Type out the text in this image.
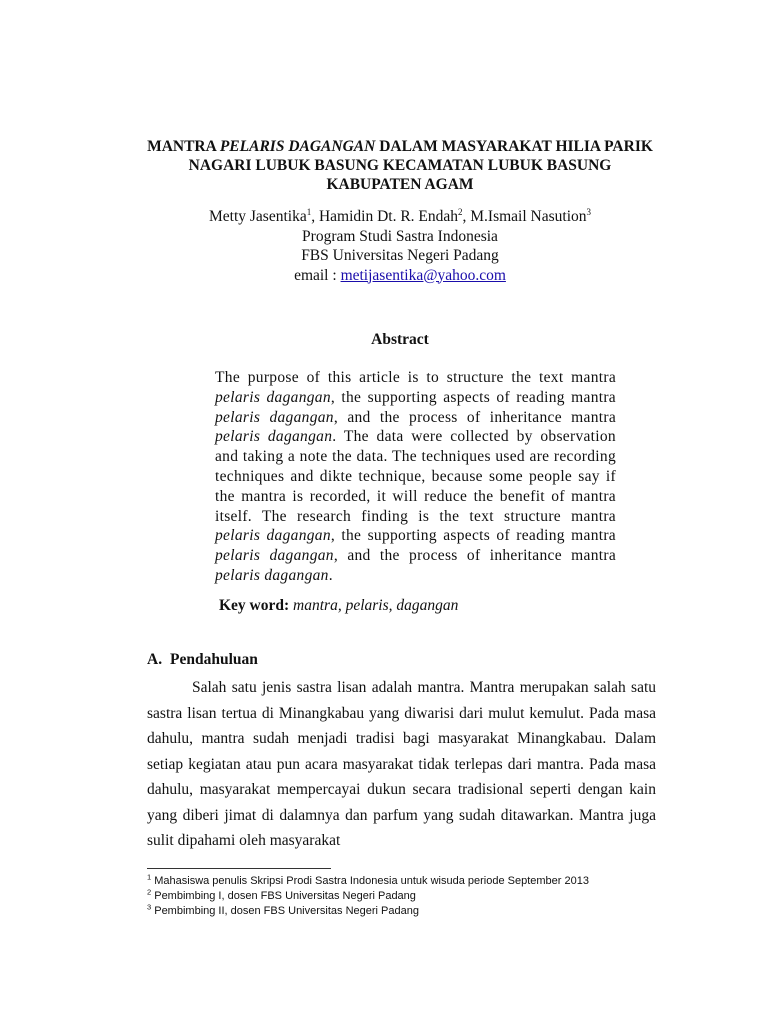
MANTRA PELARIS DAGANGAN DALAM MASYARAKAT HILIA PARIK
NAGARI LUBUK BASUNG KECAMATAN LUBUK BASUNG
KABUPATEN AGAM
Metty Jasentika$^1$, Hamidin Dt. R. Endah$^2$, M.Ismail Nasution$^3$
Program Studi Sastra Indonesia
FBS Universitas Negeri Padang
email : metijasentika@yahoo.com
Abstract
The purpose of this article is to structure the text mantra pelaris dagangan, the supporting aspects of reading mantra pelaris dagangan, and the process of inheritance mantra pelaris dagangan. The data were collected by observation and taking a note the data. The techniques used are recording techniques and dikte technique, because some people say if the mantra is recorded, it will reduce the benefit of mantra itself. The research finding is the text structure mantra pelaris dagangan, the supporting aspects of reading mantra pelaris dagangan, and the process of inheritance mantra pelaris dagangan.
Key word: mantra, pelaris, dagangan
A. Pendahuluan
Salah satu jenis sastra lisan adalah mantra. Mantra merupakan salah satu sastra lisan tertua di Minangkabau yang diwarisi dari mulut kemulut. Pada masa dahulu, mantra sudah menjadi tradisi bagi masyarakat Minangkabau. Dalam setiap kegiatan atau pun acara masyarakat tidak terlepas dari mantra. Pada masa dahulu, masyarakat mempercayai dukun secara tradisional seperti dengan kain yang diberi jimat di dalamnya dan parfum yang sudah ditawarkan. Mantra juga sulit dipahami oleh masyarakat
$^1$ Mahasiswa penulis Skripsi Prodi Sastra Indonesia untuk wisuda periode September 2013
$^2$ Pembimbing I, dosen FBS Universitas Negeri Padang
$^3$ Pembimbing II, dosen FBS Universitas Negeri Padang
